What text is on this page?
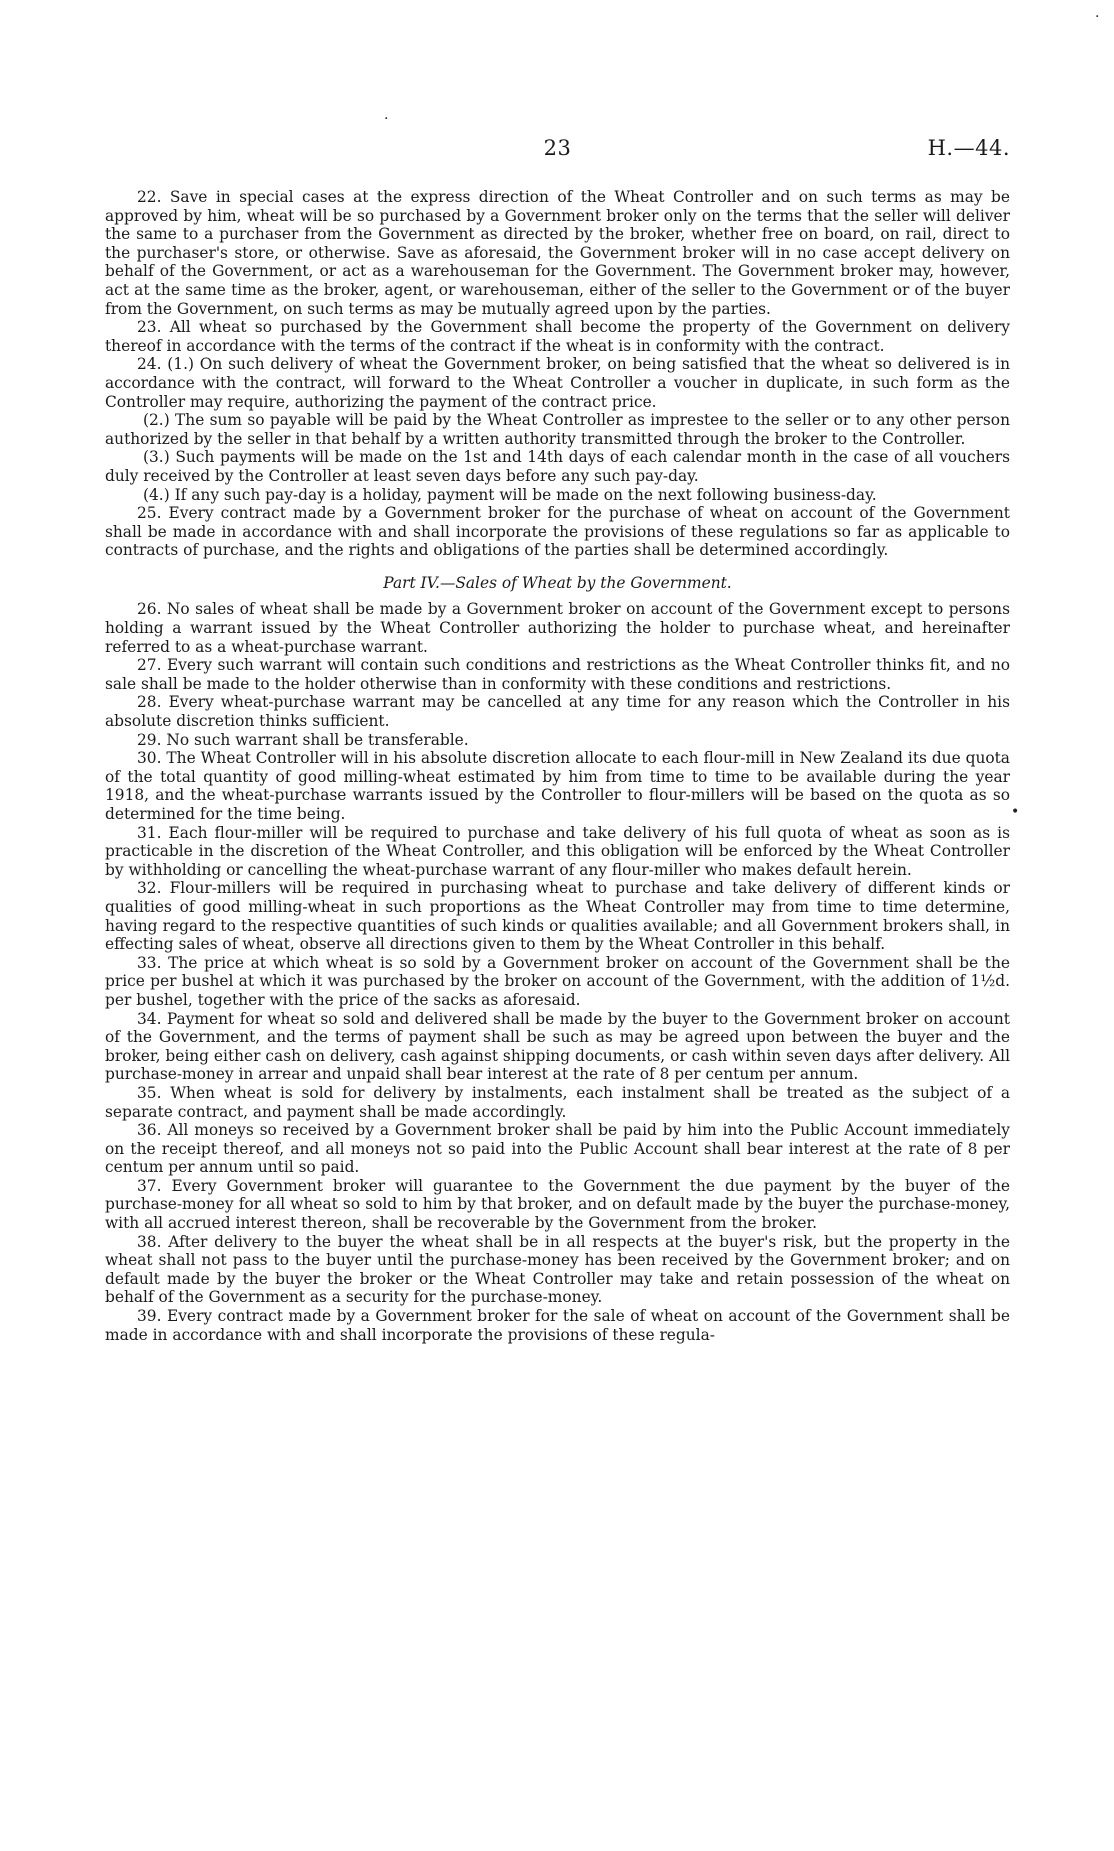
23	H.—44.
·
·
•

22. Save in special cases at the express direction of the Wheat Controller and on such terms as may be approved by him, wheat will be so purchased by a Government broker only on the terms that the seller will deliver the same to a purchaser from the Government as directed by the broker, whether free on board, on rail, direct to the purchaser's store, or otherwise. Save as aforesaid, the Government broker will in no case accept delivery on behalf of the Government, or act as a warehouseman for the Government. The Government broker may, however, act at the same time as the broker, agent, or warehouseman, either of the seller to the Government or of the buyer from the Government, on such terms as may be mutually agreed upon by the parties.

23. All wheat so purchased by the Government shall become the property of the Government on delivery thereof in accordance with the terms of the contract if the wheat is in conformity with the contract.

24. (1.) On such delivery of wheat the Government broker, on being satisfied that the wheat so delivered is in accordance with the contract, will forward to the Wheat Controller a voucher in duplicate, in such form as the Controller may require, authorizing the payment of the contract price.

(2.) The sum so payable will be paid by the Wheat Controller as imprestee to the seller or to any other person authorized by the seller in that behalf by a written authority transmitted through the broker to the Controller.

(3.) Such payments will be made on the 1st and 14th days of each calendar month in the case of all vouchers duly received by the Controller at least seven days before any such pay-day.

(4.) If any such pay-day is a holiday, payment will be made on the next following business-day.

25. Every contract made by a Government broker for the purchase of wheat on account of the Government shall be made in accordance with and shall incorporate the provisions of these regulations so far as applicable to contracts of purchase, and the rights and obligations of the parties shall be determined accordingly.

Part IV.—Sales of Wheat by the Government.

26. No sales of wheat shall be made by a Government broker on account of the Government except to persons holding a warrant issued by the Wheat Controller authorizing the holder to purchase wheat, and hereinafter referred to as a wheat-purchase warrant.

27. Every such warrant will contain such conditions and restrictions as the Wheat Controller thinks fit, and no sale shall be made to the holder otherwise than in conformity with these conditions and restrictions.

28. Every wheat-purchase warrant may be cancelled at any time for any reason which the Controller in his absolute discretion thinks sufficient.

29. No such warrant shall be transferable.

30. The Wheat Controller will in his absolute discretion allocate to each flour-mill in New Zealand its due quota of the total quantity of good milling-wheat estimated by him from time to time to be available during the year 1918, and the wheat-purchase warrants issued by the Controller to flour-millers will be based on the quota as so determined for the time being.

31. Each flour-miller will be required to purchase and take delivery of his full quota of wheat as soon as is practicable in the discretion of the Wheat Controller, and this obligation will be enforced by the Wheat Controller by withholding or cancelling the wheat-purchase warrant of any flour-miller who makes default herein.

32. Flour-millers will be required in purchasing wheat to purchase and take delivery of different kinds or qualities of good milling-wheat in such proportions as the Wheat Controller may from time to time determine, having regard to the respective quantities of such kinds or qualities available; and all Government brokers shall, in effecting sales of wheat, observe all directions given to them by the Wheat Controller in this behalf.

33. The price at which wheat is so sold by a Government broker on account of the Government shall be the price per bushel at which it was purchased by the broker on account of the Government, with the addition of 1½d. per bushel, together with the price of the sacks as aforesaid.

34. Payment for wheat so sold and delivered shall be made by the buyer to the Government broker on account of the Government, and the terms of payment shall be such as may be agreed upon between the buyer and the broker, being either cash on delivery, cash against shipping documents, or cash within seven days after delivery. All purchase-money in arrear and unpaid shall bear interest at the rate of 8 per centum per annum.

35. When wheat is sold for delivery by instalments, each instalment shall be treated as the subject of a separate contract, and payment shall be made accordingly.

36. All moneys so received by a Government broker shall be paid by him into the Public Account immediately on the receipt thereof, and all moneys not so paid into the Public Account shall bear interest at the rate of 8 per centum per annum until so paid.

37. Every Government broker will guarantee to the Government the due payment by the buyer of the purchase-money for all wheat so sold to him by that broker, and on default made by the buyer the purchase-money, with all accrued interest thereon, shall be recoverable by the Government from the broker.

38. After delivery to the buyer the wheat shall be in all respects at the buyer's risk, but the property in the wheat shall not pass to the buyer until the purchase-money has been received by the Government broker; and on default made by the buyer the broker or the Wheat Controller may take and retain possession of the wheat on behalf of the Government as a security for the purchase-money.

39. Every contract made by a Government broker for the sale of wheat on account of the Government shall be made in accordance with and shall incorporate the provisions of these regula-
